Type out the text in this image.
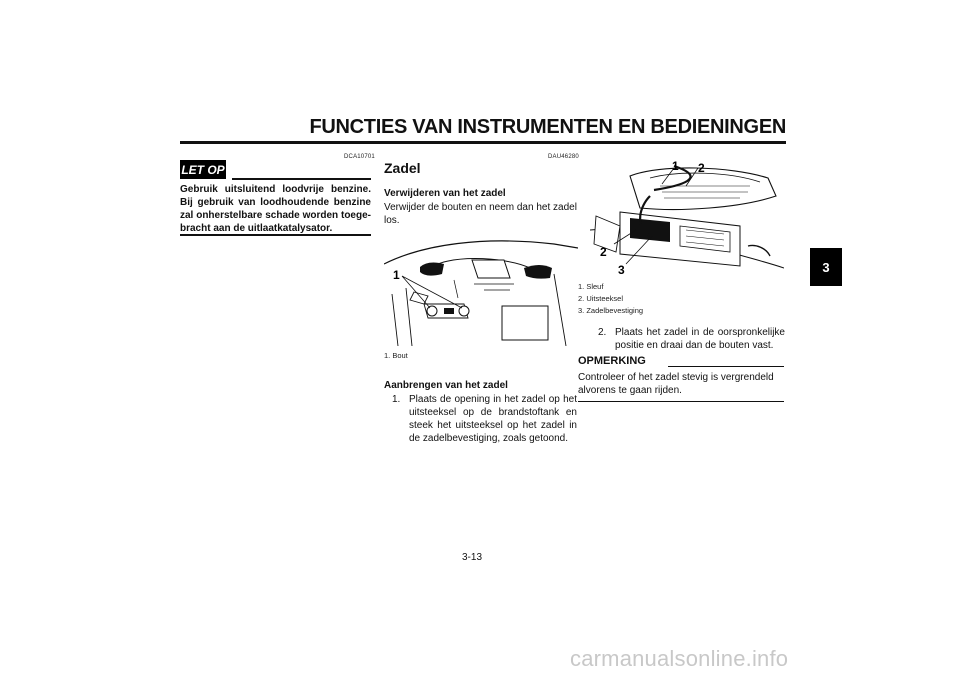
FUNCTIES VAN INSTRUMENTEN EN BEDIENINGEN
3
DCA10701
LET OP
Gebruik uitsluitend loodvrije benzine. Bij gebruik van loodhoudende benzine zal onherstelbare schade worden toege-bracht aan de uitlaatkatalysator.
DAU46280
Zadel
Verwijderen van het zadel
Verwijder de bouten en neem dan het zadel los.
1
1. Bout
Aanbrengen van het zadel
1. Plaats de opening in het zadel op het uitsteeksel op de brandstoftank en steek het uitsteeksel op het zadel in de zadelbevestiging, zoals getoond.
1 2
2
3
1. Sleuf
2. Uitsteeksel
3. Zadelbevestiging
2. Plaats het zadel in de oorspronkelijke positie en draai dan de bouten vast.
OPMERKING
Controleer of het zadel stevig is vergrendeld alvorens te gaan rijden.
3-13
carmanualsonline.info
